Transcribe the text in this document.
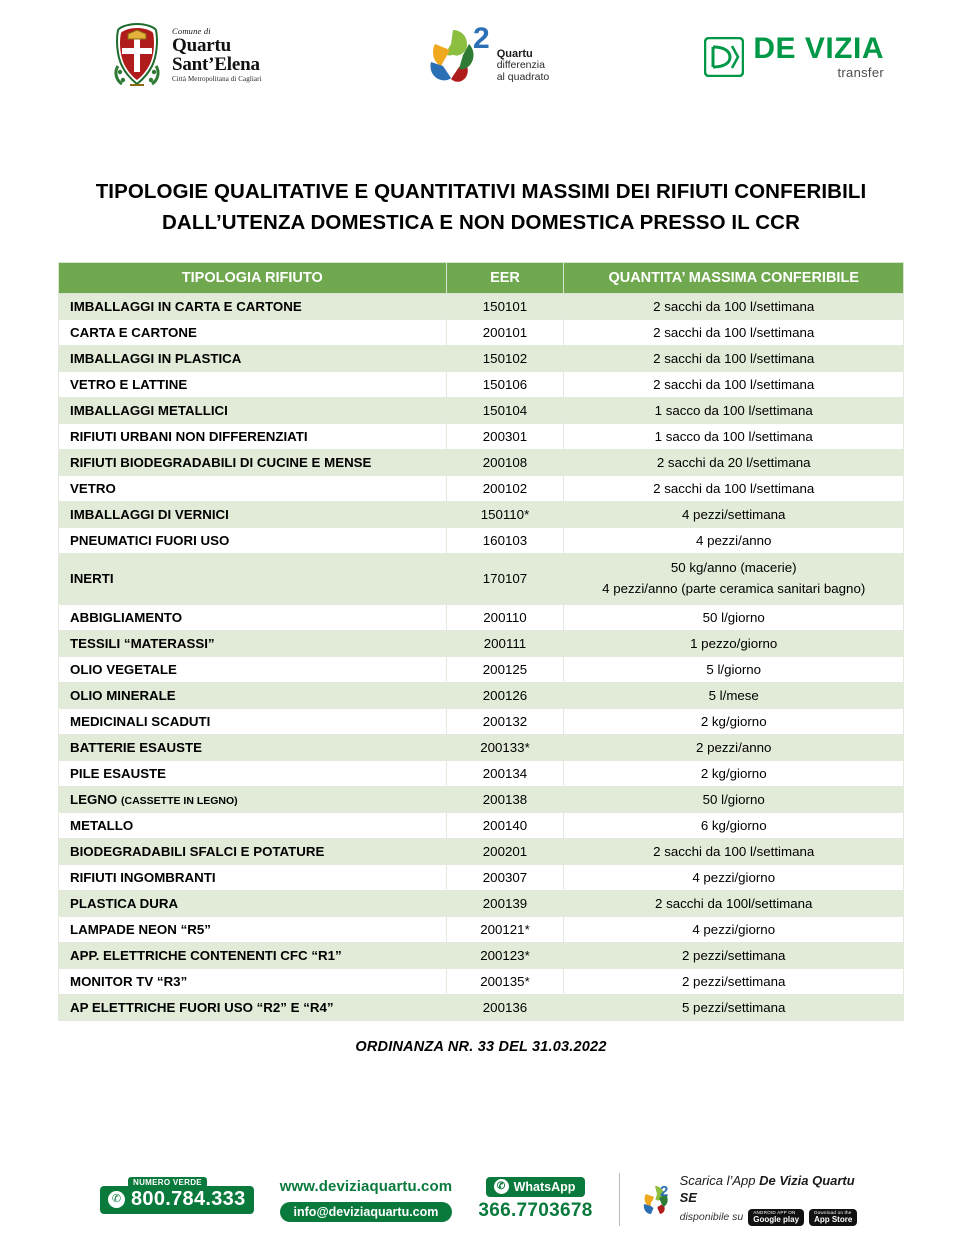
Comune di
Quartu
Sant’Elena
Città Metropolitana di Cagliari
2 Quartu
differenzia
al quadrato
DE VIZIA
transfer
TIPOLOGIE QUALITATIVE E QUANTITATIVI MASSIMI DEI RIFIUTI CONFERIBILI DALL’UTENZA DOMESTICA E NON DOMESTICA PRESSO IL CCR
TIPOLOGIA RIFIUTO	EER	QUANTITA’ MASSIMA CONFERIBILE
IMBALLAGGI IN CARTA E CARTONE	150101	2 sacchi da 100 l/settimana
CARTA E CARTONE	200101	2 sacchi da 100 l/settimana
IMBALLAGGI IN PLASTICA	150102	2 sacchi da 100 l/settimana
VETRO E LATTINE	150106	2 sacchi da 100 l/settimana
IMBALLAGGI METALLICI	150104	1 sacco da 100 l/settimana
RIFIUTI URBANI NON DIFFERENZIATI	200301	1 sacco da 100 l/settimana
RIFIUTI BIODEGRADABILI DI CUCINE E MENSE	200108	2 sacchi da 20 l/settimana
VETRO	200102	2 sacchi da 100 l/settimana
IMBALLAGGI DI VERNICI	150110*	4 pezzi/settimana
PNEUMATICI FUORI USO	160103	4 pezzi/anno
INERTI	170107	50 kg/anno (macerie)
4 pezzi/anno (parte ceramica sanitari bagno)

ABBIGLIAMENTO	200110	50 l/giorno
TESSILI “MATERASSI”	200111	1 pezzo/giorno
OLIO VEGETALE	200125	5 l/giorno
OLIO MINERALE	200126	5 l/mese
MEDICINALI SCADUTI	200132	2 kg/giorno
BATTERIE ESAUSTE	200133*	2 pezzi/anno
PILE ESAUSTE	200134	2 kg/giorno
LEGNO (CASSETTE IN LEGNO)	200138	50 l/giorno
METALLO	200140	6 kg/giorno
BIODEGRADABILI SFALCI E POTATURE	200201	2 sacchi da 100 l/settimana
RIFIUTI INGOMBRANTI	200307	4 pezzi/giorno
PLASTICA DURA	200139	2 sacchi da 100l/settimana
LAMPADE NEON “R5”	200121*	4 pezzi/giorno
APP. ELETTRICHE CONTENENTI CFC “R1”	200123*	2 pezzi/settimana
MONITOR TV “R3”	200135*	2 pezzi/settimana
AP ELETTRICHE FUORI USO “R2” E “R4”	200136	5 pezzi/settimana
ORDINANZA NR. 33 DEL 31.03.2022
NUMERO VERDE
✆ 800.784.333
www.deviziaquartu.com
info@deviziaquartu.com
✆ WhatsApp
366.7703678
2
Scarica l’App De Vizia Quartu SE
disponibile su ANDROID APP ON
Google play
Download on the
App Store
